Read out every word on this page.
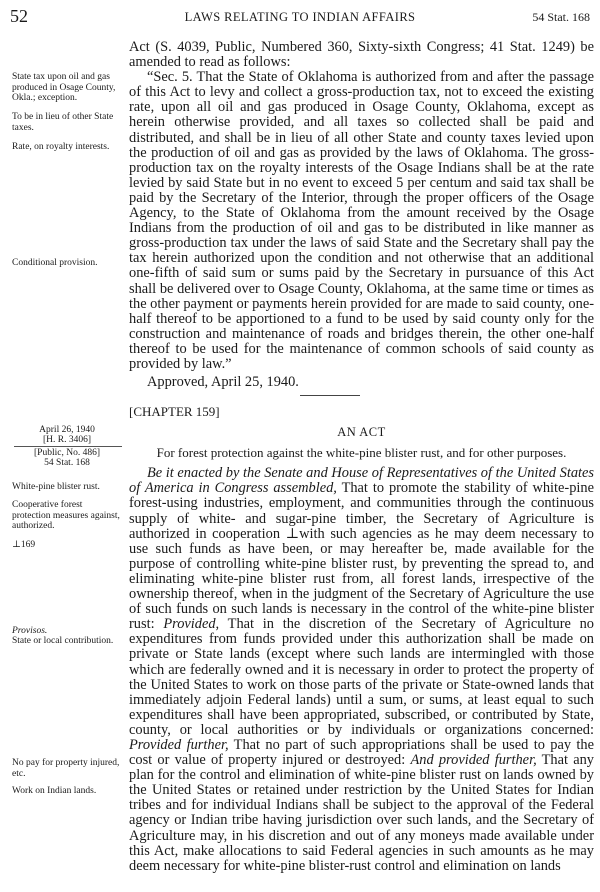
52	LAWS RELATING TO INDIAN AFFAIRS	54 Stat. 168
State tax upon oil and gas produced in Osage County, Okla.; exception.
To be in lieu of other State taxes.
Rate, on royalty interests.
Conditional provision.
April 26, 1940
[H. R. 3406]
[Public, No. 486]
54 Stat. 168
White-pine blister rust.
Cooperative forest protection measures against, authorized.
⊥169
Provisos.
State or local contribution.
No pay for property injured, etc.
Work on Indian lands.

Act (S. 4039, Public, Numbered 360, Sixty-sixth Congress; 41 Stat. 1249) be amended to read as follows:

“Sec. 5. That the State of Oklahoma is authorized from and after the passage of this Act to levy and collect a gross-production tax, not to exceed the existing rate, upon all oil and gas produced in Osage County, Oklahoma, except as herein otherwise provided, and all taxes so collected shall be paid and distributed, and shall be in lieu of all other State and county taxes levied upon the production of oil and gas as provided by the laws of Oklahoma. The gross-production tax on the royalty interests of the Osage Indians shall be at the rate levied by said State but in no event to exceed 5 per centum and said tax shall be paid by the Secretary of the Interior, through the proper officers of the Osage Agency, to the State of Oklahoma from the amount received by the Osage Indians from the production of oil and gas to be distributed in like manner as gross-production tax under the laws of said State and the Secretary shall pay the tax herein authorized upon the condition and not otherwise that an additional one-fifth of said sum or sums paid by the Secretary in pursuance of this Act shall be delivered over to Osage County, Oklahoma, at the same time or times as the other payment or payments herein provided for are made to said county, one-half thereof to be apportioned to a fund to be used by said county only for the construction and maintenance of roads and bridges therein, the other one-half thereof to be used for the maintenance of common schools of said county as provided by law.”

Approved, April 25, 1940.

[CHAPTER 159]

AN ACT

For forest protection against the white-pine blister rust, and for other purposes.

Be it enacted by the Senate and House of Representatives of the United States of America in Congress assembled, That to promote the stability of white-pine forest-using industries, employment, and communities through the continuous supply of white- and sugar-pine timber, the Secretary of Agriculture is authorized in cooperation ⊥with such agencies as he may deem necessary to use such funds as have been, or may hereafter be, made available for the purpose of controlling white-pine blister rust, by preventing the spread to, and eliminating white-pine blister rust from, all forest lands, irrespective of the ownership thereof, when in the judgment of the Secretary of Agriculture the use of such funds on such lands is necessary in the control of the white-pine blister rust: Provided, That in the discretion of the Secretary of Agriculture no expenditures from funds provided under this authorization shall be made on private or State lands (except where such lands are intermingled with those which are federally owned and it is necessary in order to protect the property of the United States to work on those parts of the private or State-owned lands that immediately adjoin Federal lands) until a sum, or sums, at least equal to such expenditures shall have been appropriated, subscribed, or contributed by State, county, or local authorities or by individuals or organizations concerned: Provided further, That no part of such appropriations shall be used to pay the cost or value of property injured or destroyed: And provided further, That any plan for the control and elimination of white-pine blister rust on lands owned by the United States or retained under restriction by the United States for Indian tribes and for individual Indians shall be subject to the approval of the Federal agency or Indian tribe having jurisdiction over such lands, and the Secretary of Agriculture may, in his discretion and out of any moneys made available under this Act, make allocations to said Federal agencies in such amounts as he may deem necessary for white-pine blister-rust control and elimination on lands
